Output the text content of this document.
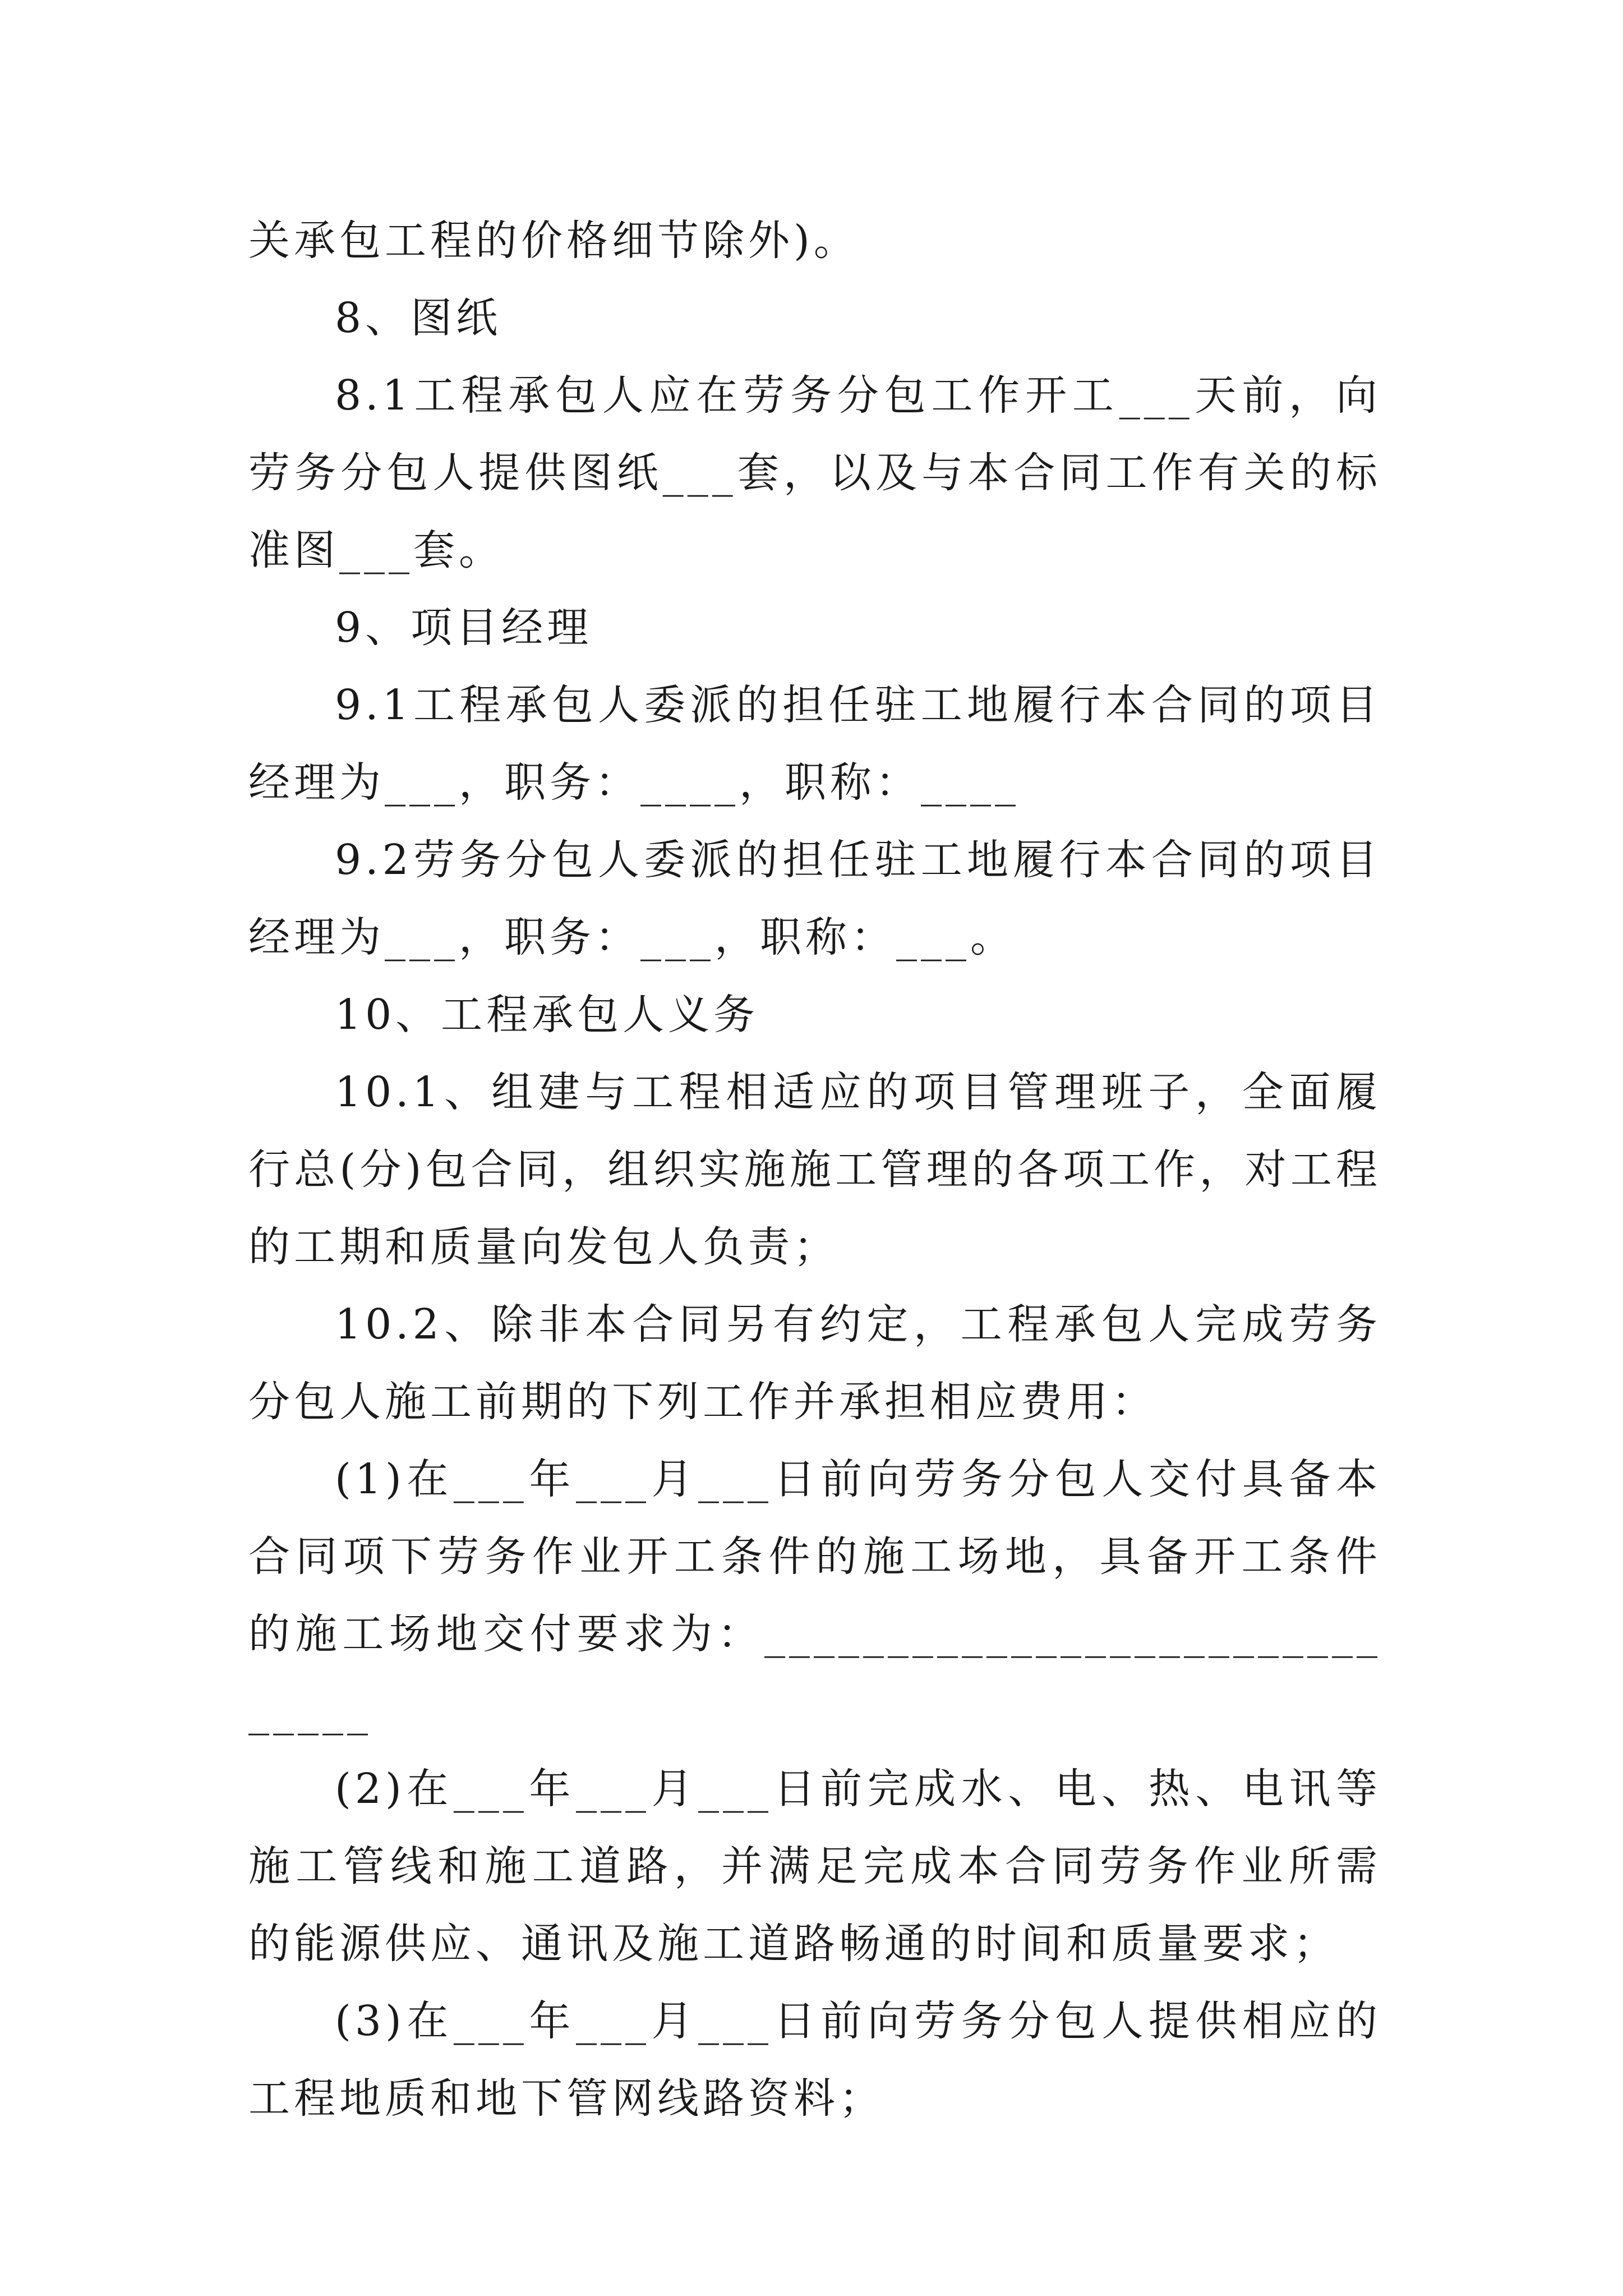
关承包工程的价格细节除外)。

8、图纸

8.1工程承包人应在劳务分包工作开工___天前，向劳务分包人提供图纸___套，以及与本合同工作有关的标准图___套。

9、项目经理

9.1工程承包人委派的担任驻工地履行本合同的项目经理为___，职务：____，职称：____

9.2劳务分包人委派的担任驻工地履行本合同的项目经理为___，职务：___，职称：___。

10、工程承包人义务

10.1、组建与工程相适应的项目管理班子，全面履行总(分)包合同，组织实施施工管理的各项工作，对工程的工期和质量向发包人负责；

10.2、除非本合同另有约定，工程承包人完成劳务分包人施工前期的下列工作并承担相应费用：

(1)在___年___月___日前向劳务分包人交付具备本合同项下劳务作业开工条件的施工场地，具备开工条件的施工场地交付要求为：______________________________

(2)在___年___月___日前完成水、电、热、电讯等施工管线和施工道路，并满足完成本合同劳务作业所需的能源供应、通讯及施工道路畅通的时间和质量要求；

(3)在___年___月___日前向劳务分包人提供相应的工程地质和地下管网线路资料；
